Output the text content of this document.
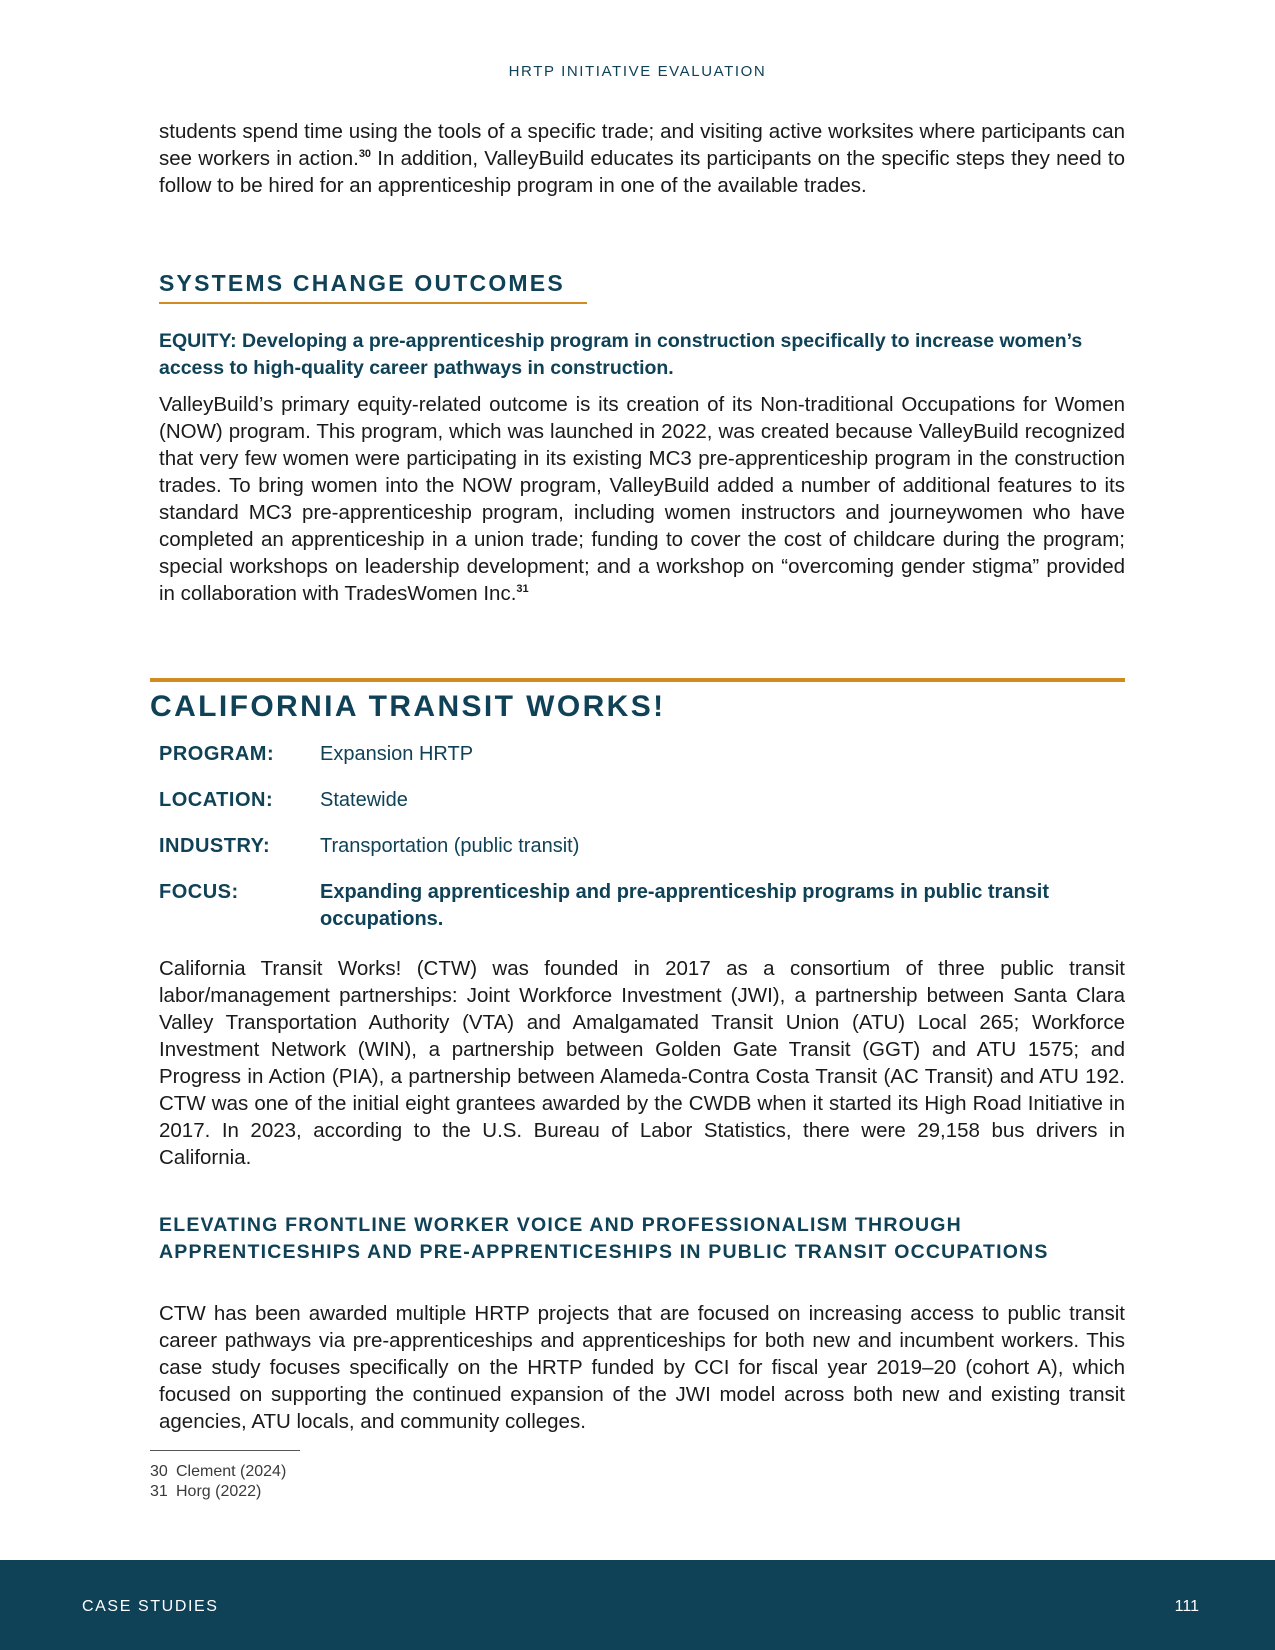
HRTP INITIATIVE EVALUATION

students spend time using the tools of a specific trade; and visiting active worksites where participants can see workers in action.$^{30}$ In addition, ValleyBuild educates its participants on the specific steps they need to follow to be hired for an apprenticeship program in one of the available trades.

SYSTEMS CHANGE OUTCOMES
EQUITY: Developing a pre-apprenticeship program in construction specifically to increase women’s access to high-quality career pathways in construction.

ValleyBuild’s primary equity-related outcome is its creation of its Non-traditional Occupations for Women (NOW) program. This program, which was launched in 2022, was created because ValleyBuild recognized that very few women were participating in its existing MC3 pre-apprenticeship program in the construction trades. To bring women into the NOW program, ValleyBuild added a number of additional features to its standard MC3 pre-apprenticeship program, including women instructors and journeywomen who have completed an apprenticeship in a union trade; funding to cover the cost of childcare during the program; special workshops on leadership development; and a workshop on “overcoming gender stigma” provided in collaboration with TradesWomen Inc.$^{31}$

CALIFORNIA TRANSIT WORKS!
PROGRAM: Expansion HRTP
LOCATION: Statewide
INDUSTRY: Transportation (public transit)
FOCUS:	Expanding apprenticeship and pre-apprenticeship programs in public transit occupations.

California Transit Works! (CTW) was founded in 2017 as a consortium of three public transit labor/management partnerships: Joint Workforce Investment (JWI), a partnership between Santa Clara Valley Transportation Authority (VTA) and Amalgamated Transit Union (ATU) Local 265; Workforce Investment Network (WIN), a partnership between Golden Gate Transit (GGT) and ATU 1575; and Progress in Action (PIA), a partnership between Alameda-Contra Costa Transit (AC Transit) and ATU 192. CTW was one of the initial eight grantees awarded by the CWDB when it started its High Road Initiative in 2017. In 2023, according to the U.S. Bureau of Labor Statistics, there were 29,158 bus drivers in California.

ELEVATING FRONTLINE WORKER VOICE AND PROFESSIONALISM THROUGH APPRENTICESHIPS AND PRE-APPRENTICESHIPS IN PUBLIC TRANSIT OCCUPATIONS

CTW has been awarded multiple HRTP projects that are focused on increasing access to public transit career pathways via pre-apprenticeships and apprenticeships for both new and incumbent workers. This case study focuses specifically on the HRTP funded by CCI for fiscal year 2019–20 (cohort A), which focused on supporting the continued expansion of the JWI model across both new and existing transit agencies, ATU locals, and community colleges.

30 Clement (2024)
31 Horg (2022)
CASE STUDIES	111
